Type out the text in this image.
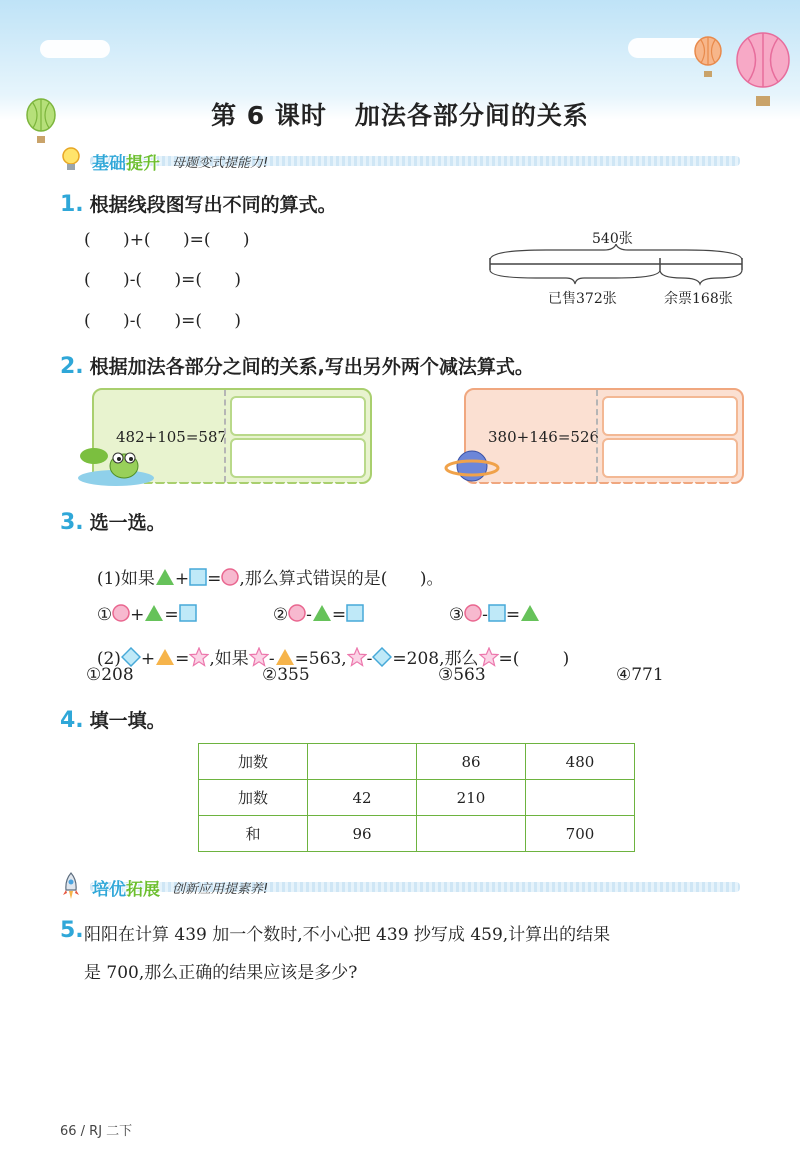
第 6 课时 加法各部分间的关系
基础提升 母题变式提能力!
1. 根据线段图写出不同的算式。
(      )+(      )=(      )
(      )-(      )=(      )
(      )-(      )=(      )
540张
已售372张	余票168张
2. 根据加法各部分之间的关系,写出另外两个减法算式。
482+105=587	380+146=526
3. 选一选。

(1)如果 + = ,那么算式错误的是(      )。

① + =	② - =	③ - =

(2) + = ,如果 - =563, - =208,那么 =(        )

①208	②355	③563	④771
4. 填一填。
加数		86	480
加数	42	210	
和	96		700
培优拓展 创新应用提素养!
5. 阳阳在计算 439 加一个数时,不小心把 439 抄写成 459,计算出的结果
是 700,那么正确的结果应该是多少?
66 / RJ 二下
